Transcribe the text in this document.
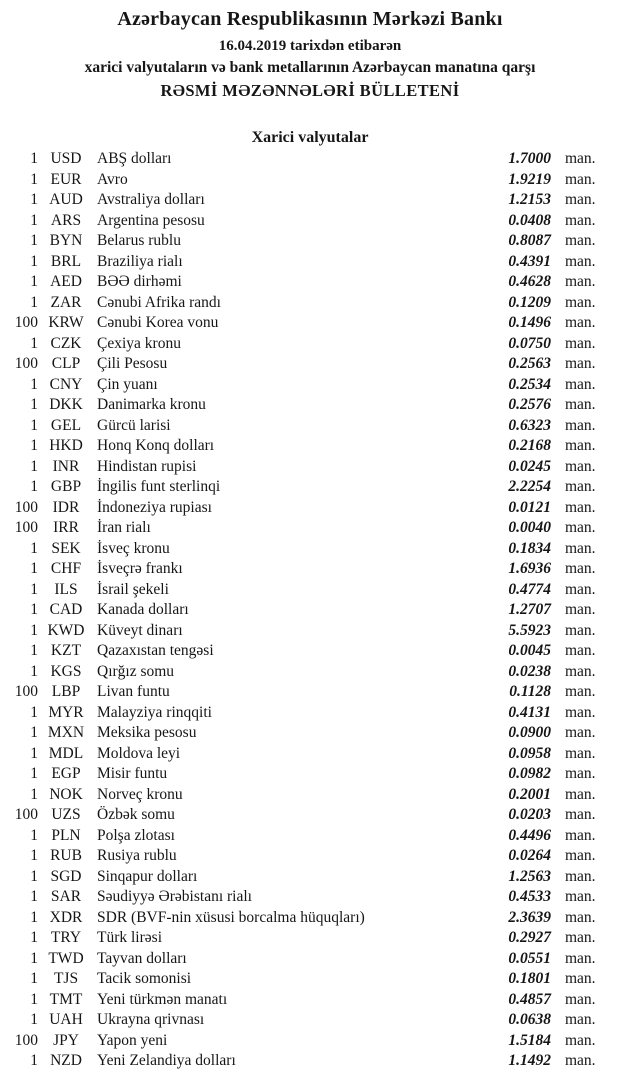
Azərbaycan Respublikasının Mərkəzi Bankı
16.04.2019 tarixdən etibarən
xarici valyutaların və bank metallarının Azərbaycan manatına qarşı
RƏSMİ MƏZƏNNƏLƏRİ BÜLLETENİ
Xarici valyutalar
1 USD	ABŞ dolları	1.7000 man.
1 EUR	Avro	1.9219 man.
1 AUD Avstraliya dolları	1.2153 man.
1 ARS	Argentina pesosu	0.0408 man.
1 BYN Belarus rublu	0.8087 man.
1 BRL	Braziliya rialı	0.4391 man.
1 AED BƏƏ dirhəmi	0.4628 man.
1 ZAR	Cənubi Afrika randı	0.1209 man.
100 KRW Cənubi Korea vonu	0.1496 man.
1 CZK	Çexiya kronu	0.0750 man.
100 CLP	Çili Pesosu	0.2563 man.
1 CNY Çin yuanı	0.2534 man.
1 DKK Danimarka kronu	0.2576 man.
1 GEL	Gürcü larisi	0.6323 man.
1 HKD Honq Konq dolları	0.2168 man.
1 INR	Hindistan rupisi	0.0245 man.
1 GBP	İngilis funt sterlinqi	2.2254 man.
100 IDR	İndoneziya rupiası	0.0121 man.
100 IRR	İran rialı	0.0040 man.
1 SEK	İsveç kronu	0.1834 man.
1 CHF	İsveçrə frankı	1.6936 man.
1	ILS	İsrail şekeli	0.4774 man.
1 CAD Kanada dolları	1.2707 man.
1 KWD Küveyt dinarı	5.5923 man.
1 KZT	Qazaxıstan tengəsi	0.0045 man.
1 KGS	Qırğız somu	0.0238 man.
100 LBP	Livan funtu	0.1128 man.
1 MYR Malayziya rinqqiti	0.4131 man.
1 MXN Meksika pesosu	0.0900 man.
1 MDL Moldova leyi	0.0958 man.
1 EGP	Misir funtu	0.0982 man.
1 NOK Norveç kronu	0.2001 man.
100 UZS	Özbək somu	0.0203 man.
1 PLN	Polşa zlotası	0.4496 man.
1 RUB Rusiya rublu	0.0264 man.
1 SGD	Sinqapur dolları	1.2563 man.
1 SAR	Səudiyyə Ərəbistanı rialı	0.4533 man.
1 XDR SDR (BVF-nin xüsusi borcalma hüquqları)	2.3639 man.
1 TRY	Türk lirəsi	0.2927 man.
1 TWD Tayvan dolları	0.0551 man.
1	TJS	Tacik somonisi	0.1801 man.
1 TMT Yeni türkmən manatı	0.4857 man.
1 UAH Ukrayna qrivnası	0.0638 man.
100 JPY	Yapon yeni	1.5184 man.
1 NZD Yeni Zelandiya dolları	1.1492 man.
